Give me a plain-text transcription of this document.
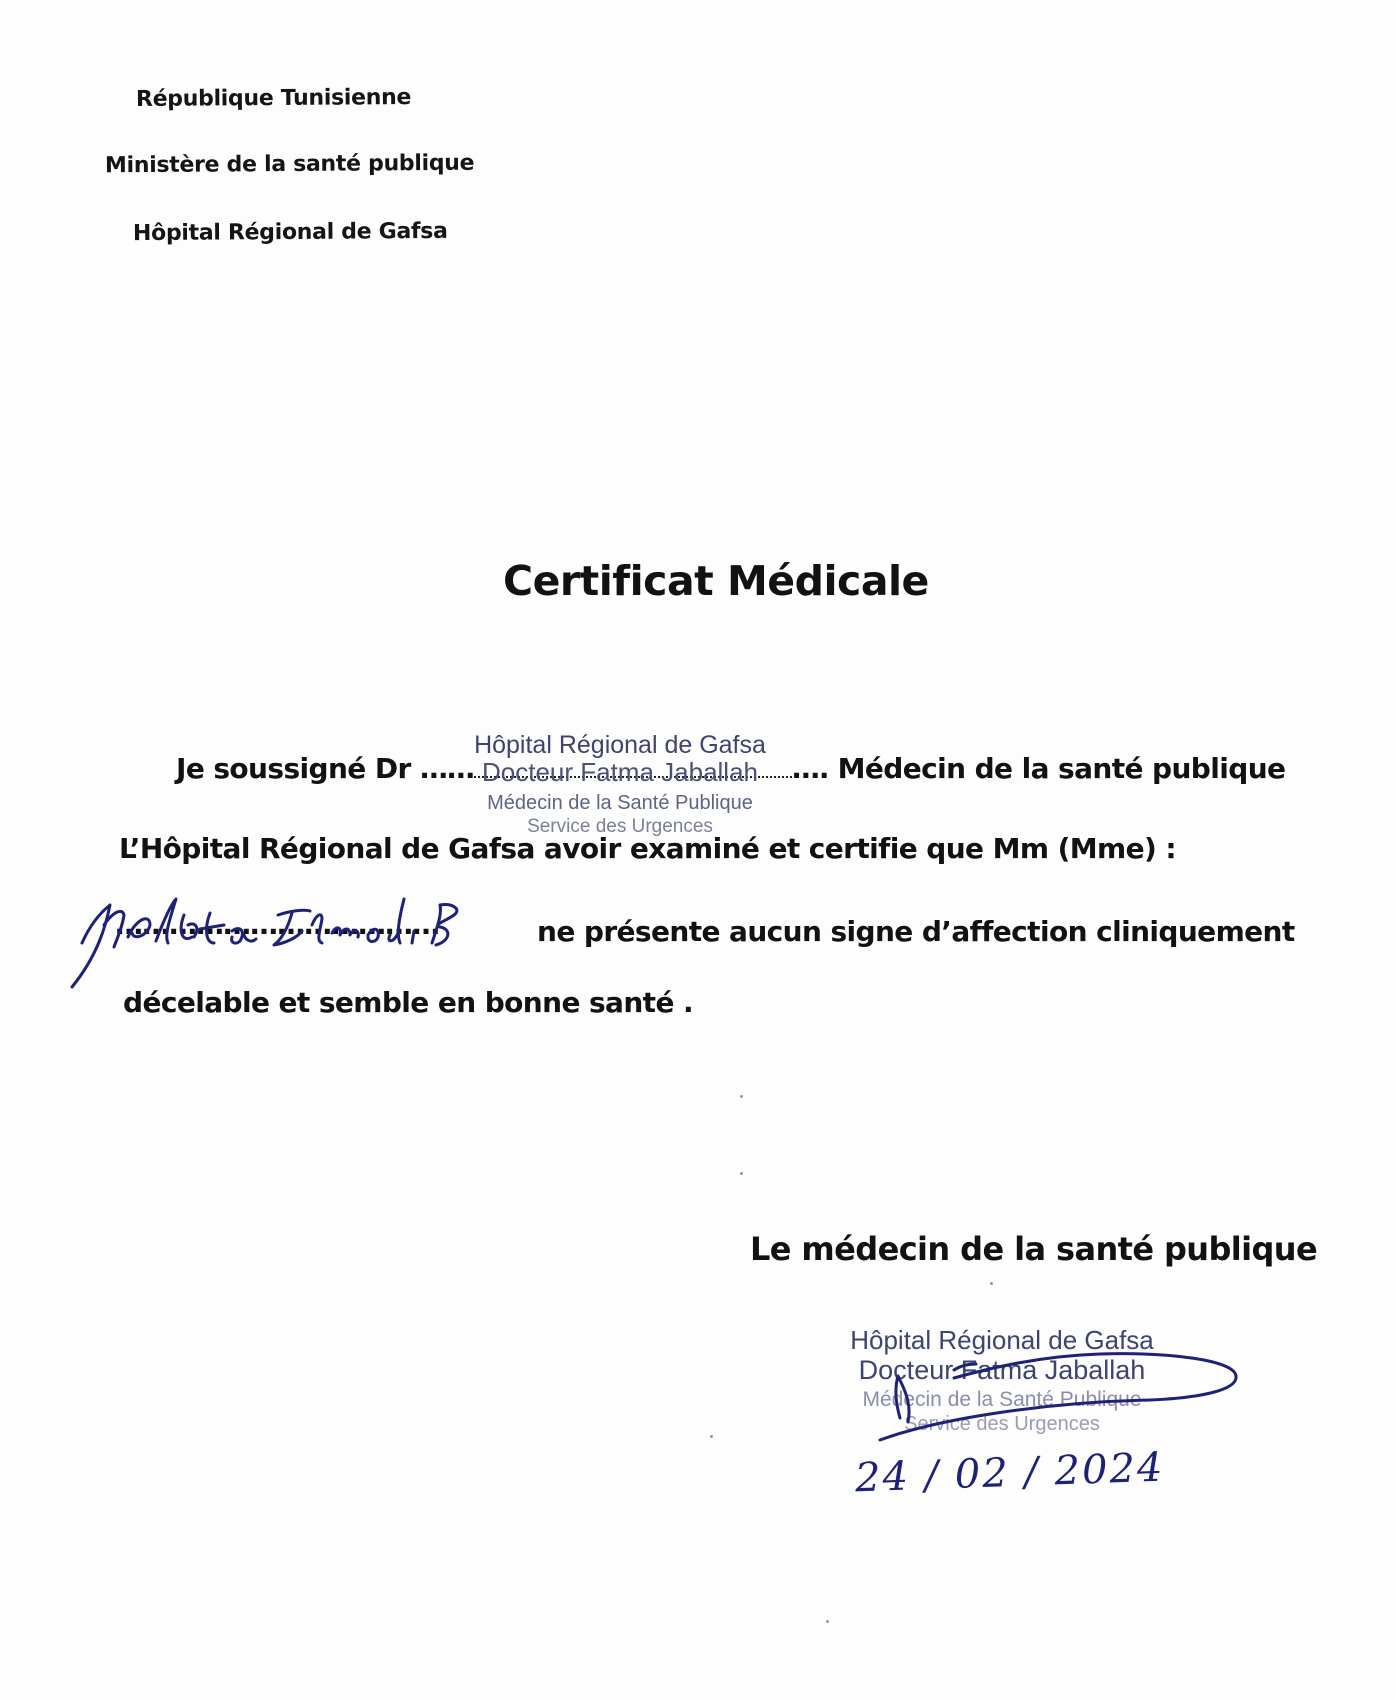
République Tunisienne
Ministère de la santé publique
Hôpital Régional de Gafsa
Certificat Médicale
Je soussigné Dr ……	…. Médecin de la santé publique
Hôpital Régional de Gafsa
Docteur Fatma Jaballah
Médecin de la Santé Publique
Service des Urgences
L’Hôpital Régional de Gafsa avoir examiné et certifie que Mm (Mme) :
………………………………	ne présente aucun signe d’affection cliniquement
décelable et semble en bonne santé .
Le médecin de la santé publique
Hôpital Régional de Gafsa
Docteur Fatma Jaballah
Médecin de la Santé Publique
Service des Urgences
24 / 02 / 2024
